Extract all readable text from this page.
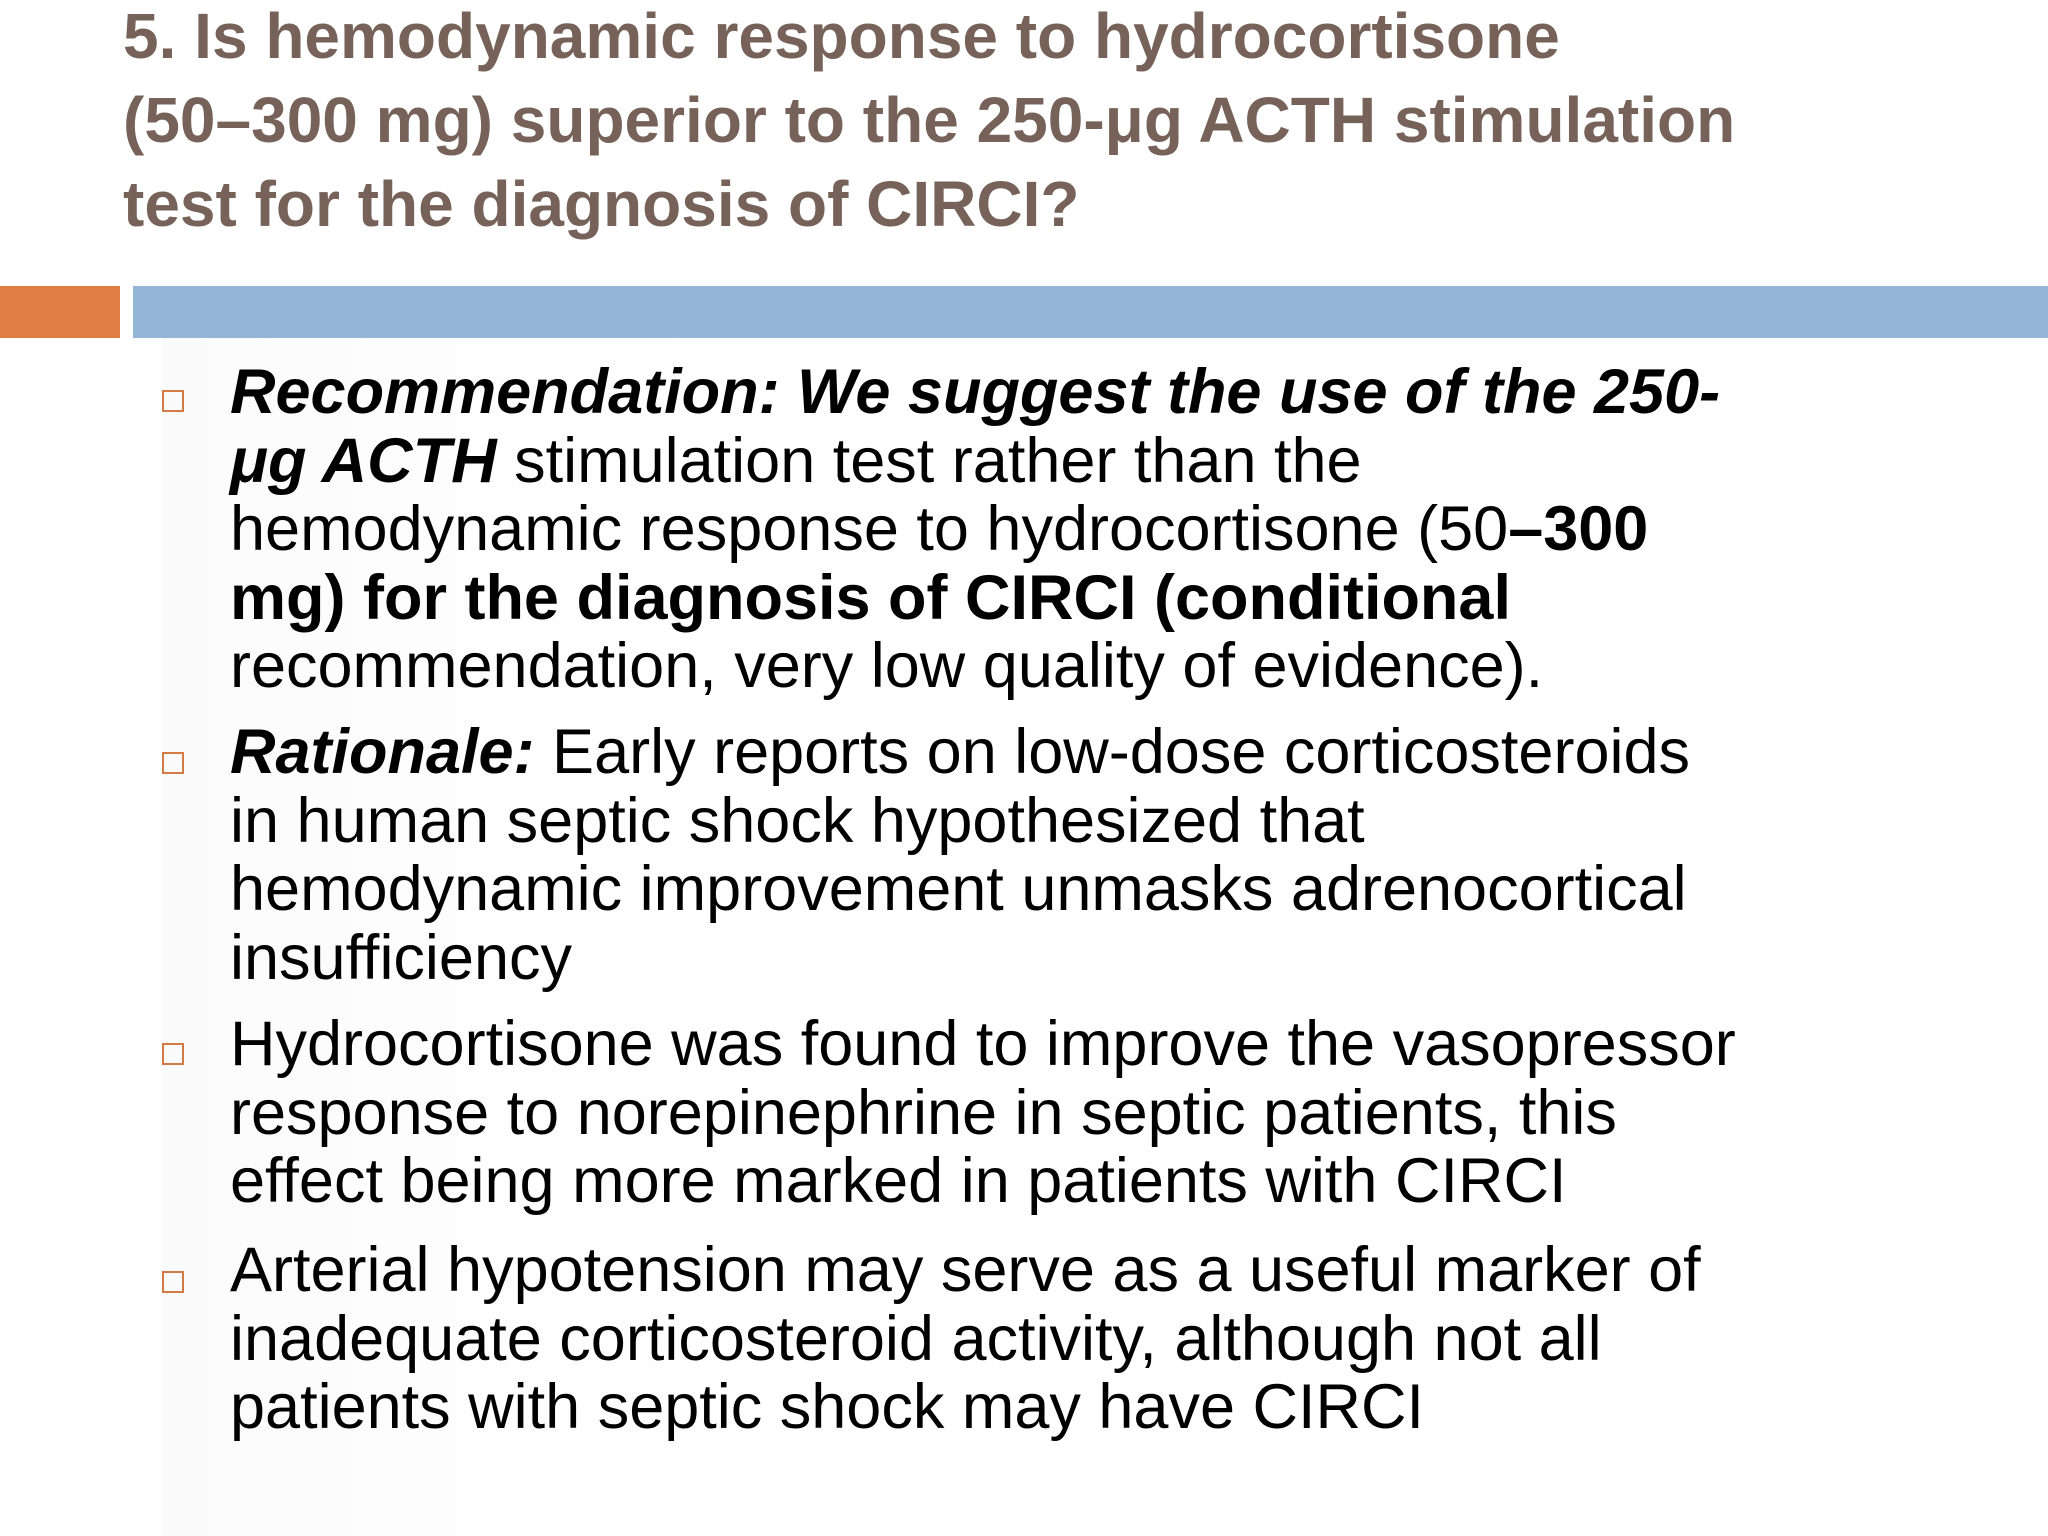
5. Is hemodynamic response to hydrocortisone
(50–300 mg) superior to the 250-μg ACTH stimulation
test for the diagnosis of CIRCI?
Recommendation: We suggest the use of the 250-
μg ACTH stimulation test rather than the
hemodynamic response to hydrocortisone (50–300
mg) for the diagnosis of CIRCI (conditional
recommendation, very low quality of evidence).
Rationale: Early reports on low-dose corticosteroids
in human septic shock hypothesized that
hemodynamic improvement unmasks adrenocortical
insufficiency
Hydrocortisone was found to improve the vasopressor
response to norepinephrine in septic patients, this
effect being more marked in patients with CIRCI
Arterial hypotension may serve as a useful marker of
inadequate corticosteroid activity, although not all
patients with septic shock may have CIRCI
